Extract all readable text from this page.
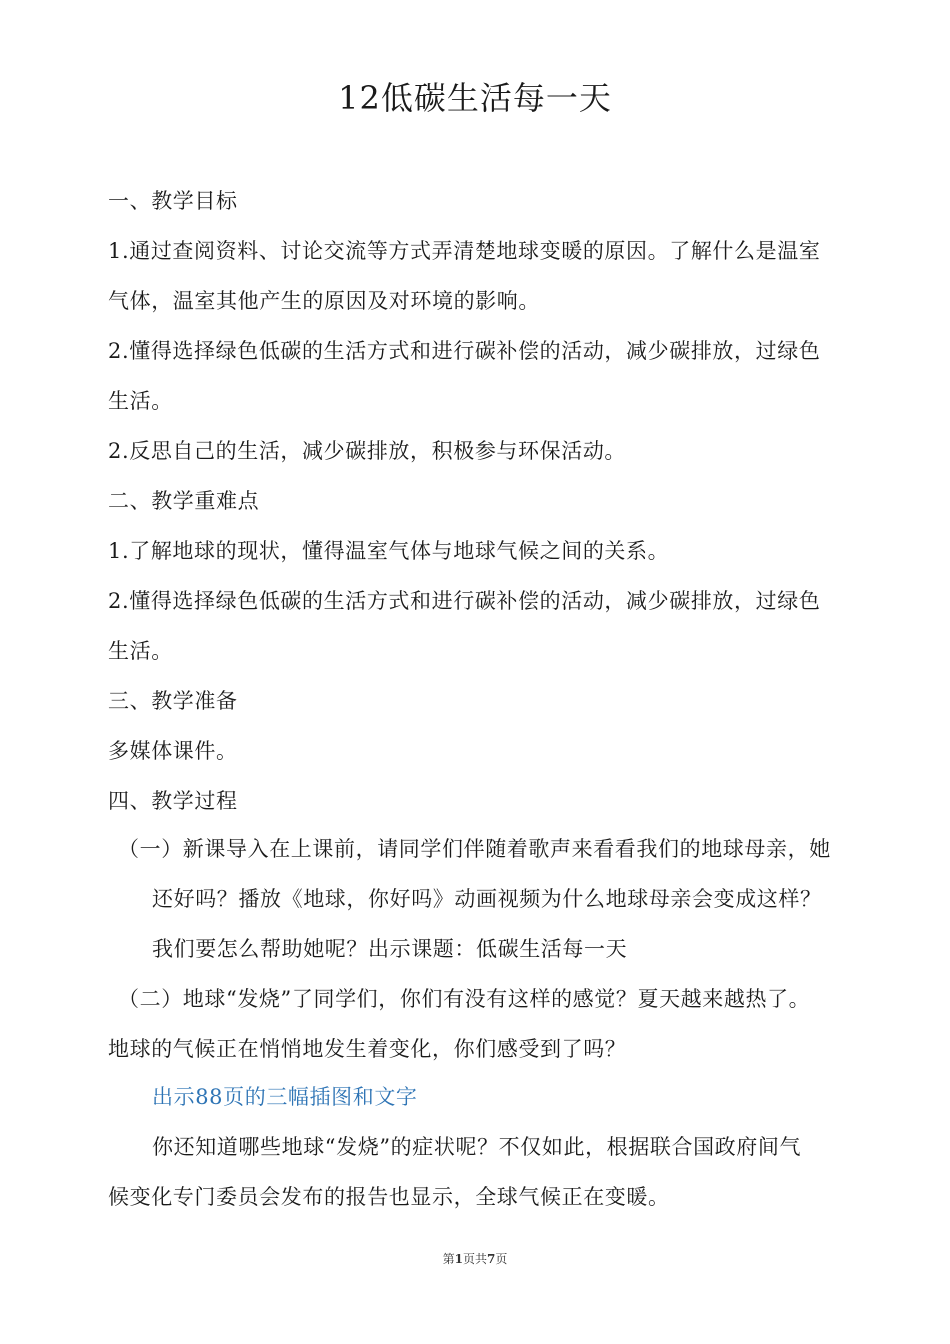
12低碳生活每一天
一、教学目标
1.通过查阅资料、讨论交流等方式弄清楚地球变暖的原因。了解什么是温室
气体，温室其他产生的原因及对环境的影响。
2.懂得选择绿色低碳的生活方式和进行碳补偿的活动，减少碳排放，过绿色
生活。
2.反思自己的生活，减少碳排放，积极参与环保活动。
二、教学重难点
1.了解地球的现状，懂得温室气体与地球气候之间的关系。
2.懂得选择绿色低碳的生活方式和进行碳补偿的活动，减少碳排放，过绿色
生活。
三、教学准备
多媒体课件。
四、教学过程
（一）新课导入在上课前，请同学们伴随着歌声来看看我们的地球母亲，她
还好吗？播放《地球，你好吗》动画视频为什么地球母亲会变成这样？
我们要怎么帮助她呢？出示课题：低碳生活每一天
（二）地球“发烧”了同学们，你们有没有这样的感觉？夏天越来越热了。
地球的气候正在悄悄地发生着变化，你们感受到了吗？
出示88页的三幅插图和文字
你还知道哪些地球“发烧”的症状呢？不仅如此，根据联合国政府间气
候变化专门委员会发布的报告也显示，全球气候正在变暖。
第1页共7页
